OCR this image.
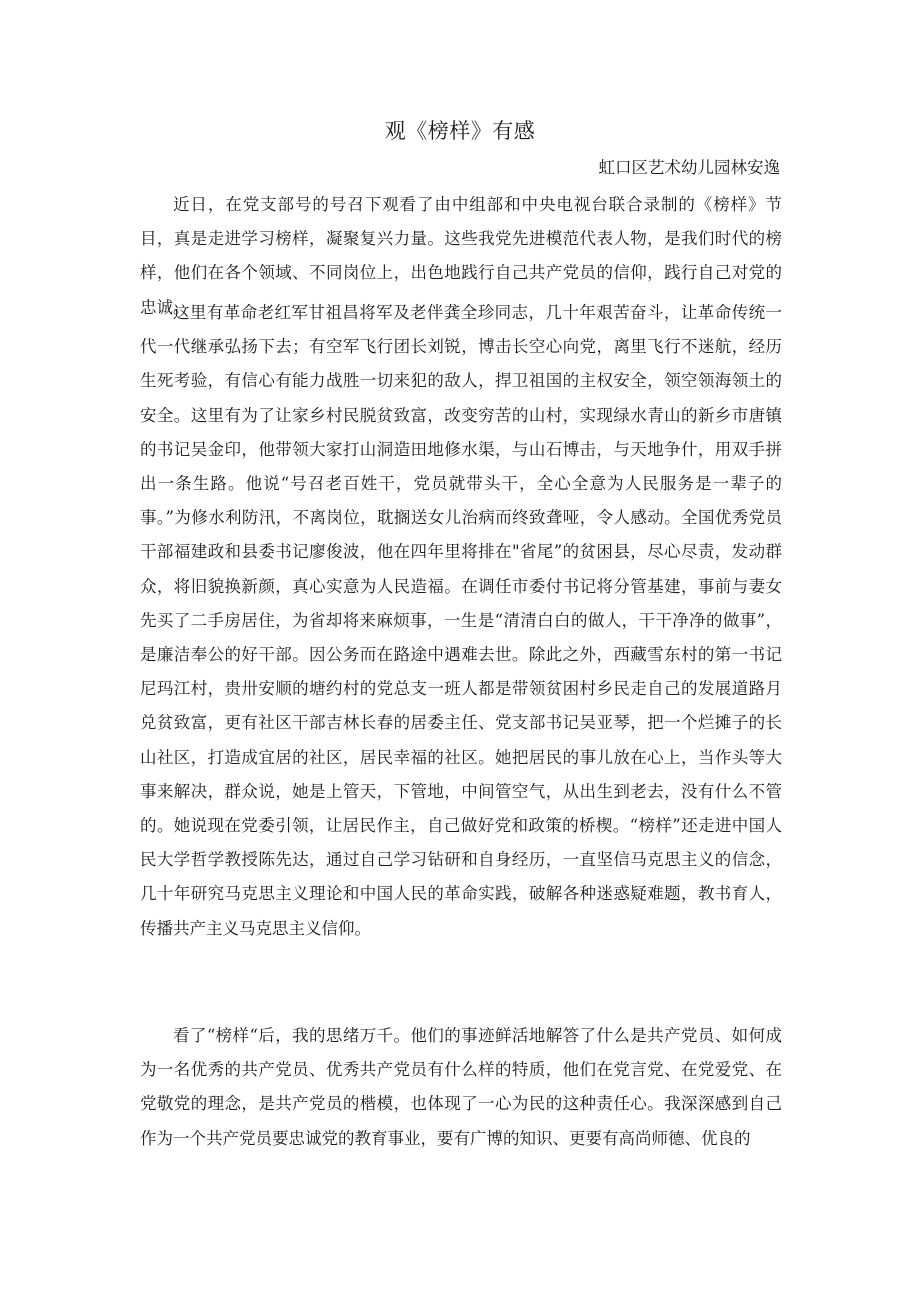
观《榜样》有感
虹口区艺术幼儿园林安逸

近日，在党支部号的号召下观看了由中组部和中央电视台联合录制的《榜样》节目，真是走进学习榜样，凝聚复兴力量。这些我党先进模范代表人物，是我们时代的榜样，他们在各个领域、不同岗位上，出色地践行自己共产党员的信仰，践行自己对党的忠诚。

这里有革命老红军甘祖昌将军及老伴龚全珍同志，几十年艰苦奋斗，让革命传统一代一代继承弘扬下去；有空军飞行团长刘锐，博击长空心向党，离里飞行不迷航，经历生死考验，有信心有能力战胜一切来犯的敌人，捍卫祖国的主权安全，领空领海领土的安全。这里有为了让家乡村民脱贫致富，改变穷苦的山村，实现绿水青山的新乡市唐镇的书记吴金印，他带领大家打山洞造田地修水渠，与山石博击，与天地争什，用双手拼出一条生路。他说“号召老百姓干，党员就带头干，全心全意为人民服务是一辈子的事。”为修水利防汛，不离岗位，耽搁送女儿治病而终致聋哑，令人感动。全国优秀党员干部福建政和县委书记廖俊波，他在四年里将排在"省尾”的贫困县，尽心尽责，发动群众，将旧貌换新颜，真心实意为人民造福。在调任市委付书记将分管基建，事前与妻女先买了二手房居住，为省却将来麻烦事，一生是“清清白白的做人，干干净净的做事”，是廉洁奉公的好干部。因公务而在路途中遇难去世。除此之外，西藏雪东村的第一书记尼玛江村，贵卅安顺的塘约村的党总支一班人都是带领贫困村乡民走自己的发展道路月兑贫致富，更有社区干部吉林长春的居委主任、党支部书记吴亚琴，把一个烂摊子的长山社区，打造成宜居的社区，居民幸福的社区。她把居民的事儿放在心上，当作头等大事来解决，群众说，她是上管天，下管地，中间管空气，从出生到老去，没有什么不管的。她说现在党委引领，让居民作主，自己做好党和政策的桥楔。“榜样”还走进中国人民大学哲学教授陈先达，通过自己学习钻研和自身经历，一直坚信马克思主义的信念，几十年研究马克思主义理论和中国人民的革命实践，破解各种迷惑疑难题，教书育人，传播共产主义马克思主义信仰。

看了“榜样“后，我的思绪万千。他们的事迹鲜活地解答了什么是共产党员、如何成为一名优秀的共产党员、优秀共产党员有什么样的特质，他们在党言党、在党爱党、在党敬党的理念，是共产党员的楷模，也体现了一心为民的这种责任心。我深深感到自己作为一个共产党员要忠诚党的教育事业，要有广博的知识、更要有高尚师德、优良的
